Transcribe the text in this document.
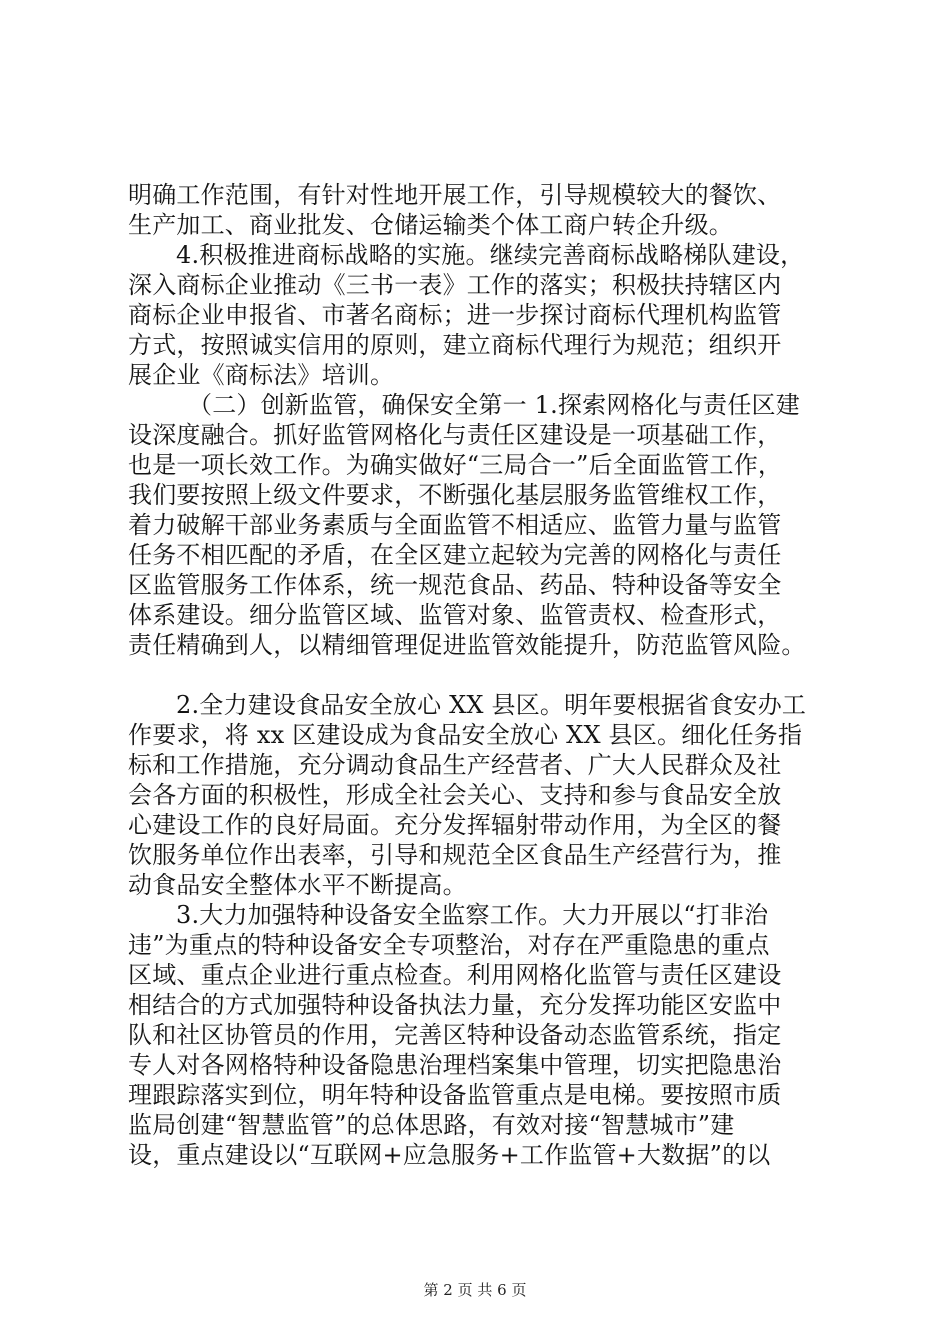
明确工作范围，有针对性地开展工作，引导规模较大的餐饮、
生产加工、商业批发、仓储运输类个体工商户转企升级。
4.积极推进商标战略的实施。继续完善商标战略梯队建设，
深入商标企业推动《三书一表》工作的落实；积极扶持辖区内
商标企业申报省、市著名商标；进一步探讨商标代理机构监管
方式，按照诚实信用的原则，建立商标代理行为规范；组织开
展企业《商标法》培训。
（二）创新监管，确保安全第一 1.探索网格化与责任区建
设深度融合。抓好监管网格化与责任区建设是一项基础工作，
也是一项长效工作。为确实做好“三局合一”后全面监管工作，
我们要按照上级文件要求，不断强化基层服务监管维权工作，
着力破解干部业务素质与全面监管不相适应、监管力量与监管
任务不相匹配的矛盾，在全区建立起较为完善的网格化与责任
区监管服务工作体系，统一规范食品、药品、特种设备等安全
体系建设。细分监管区域、监管对象、监管责权、检查形式，
责任精确到人，以精细管理促进监管效能提升，防范监管风险。
2.全力建设食品安全放心 XX 县区。明年要根据省食安办工
作要求，将 xx 区建设成为食品安全放心 XX 县区。细化任务指
标和工作措施，充分调动食品生产经营者、广大人民群众及社
会各方面的积极性，形成全社会关心、支持和参与食品安全放
心建设工作的良好局面。充分发挥辐射带动作用，为全区的餐
饮服务单位作出表率，引导和规范全区食品生产经营行为，推
动食品安全整体水平不断提高。
3.大力加强特种设备安全监察工作。大力开展以“打非治
违”为重点的特种设备安全专项整治，对存在严重隐患的重点
区域、重点企业进行重点检查。利用网格化监管与责任区建设
相结合的方式加强特种设备执法力量，充分发挥功能区安监中
队和社区协管员的作用，完善区特种设备动态监管系统，指定
专人对各网格特种设备隐患治理档案集中管理，切实把隐患治
理跟踪落实到位，明年特种设备监管重点是电梯。要按照市质
监局创建“智慧监管”的总体思路，有效对接“智慧城市”建
设，重点建设以“互联网+应急服务+工作监管+大数据”的以
第 2 页 共 6 页
